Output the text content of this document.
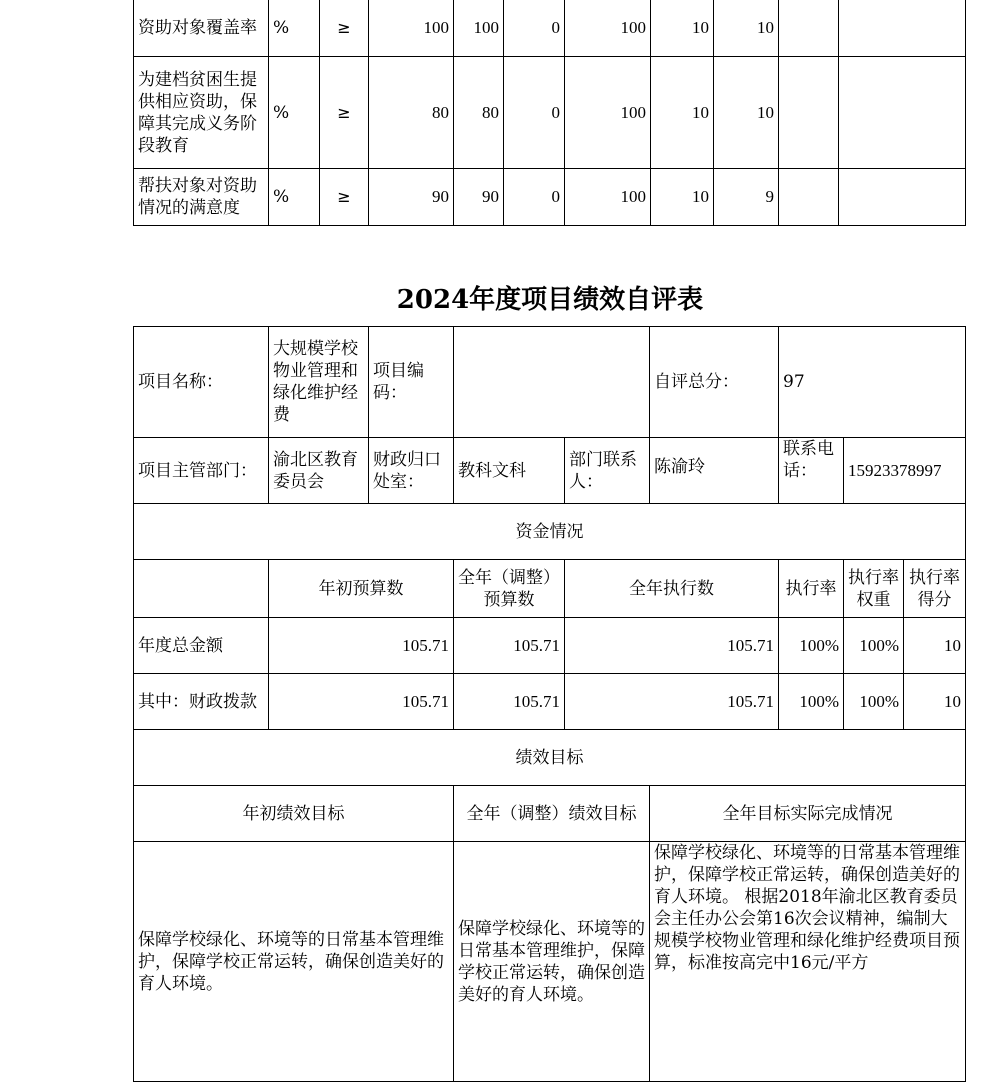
资助对象覆盖率	%	≥	100	100	0	100	10	10		
为建档贫困生提供相应资助，保障其完成义务阶段教育	%	≥	80	80	0	100	10	10		
帮扶对象对资助情况的满意度	%	≥	90	90	0	100	10	9		
2024年度项目绩效自评表
项目名称：	大规模学校物业管理和绿化维护经费	项目编码：			自评总分：	97		
项目主管部门：	渝北区教育委员会	财政归口处室：	教科文科	部门联系人：	陈渝玲	联系电话：	15923378997	
资金情况								
	年初预算数		全年（调整）预算数	全年执行数		执行率	执行率权重	执行率得分
年度总金额	105.71		105.71	105.71		100%	100%	10
其中：财政拨款	105.71		105.71	105.71		100%	100%	10
绩效目标								
年初绩效目标			全年（调整）绩效目标		全年目标实际完成情况			
保障学校绿化、环境等的日常基本管理维护，保障学校正常运转，确保创造美好的育人环境。			保障学校绿化、环境等的日常基本管理维护，保障学校正常运转，确保创造美好的育人环境。		保障学校绿化、环境等的日常基本管理维护，保障学校正常运转，确保创造美好的育人环境。 根据2018年渝北区教育委员会主任办公会第16次会议精神，编制大规模学校物业管理和绿化维护经费项目预算，标准按高完中16元/平方			
